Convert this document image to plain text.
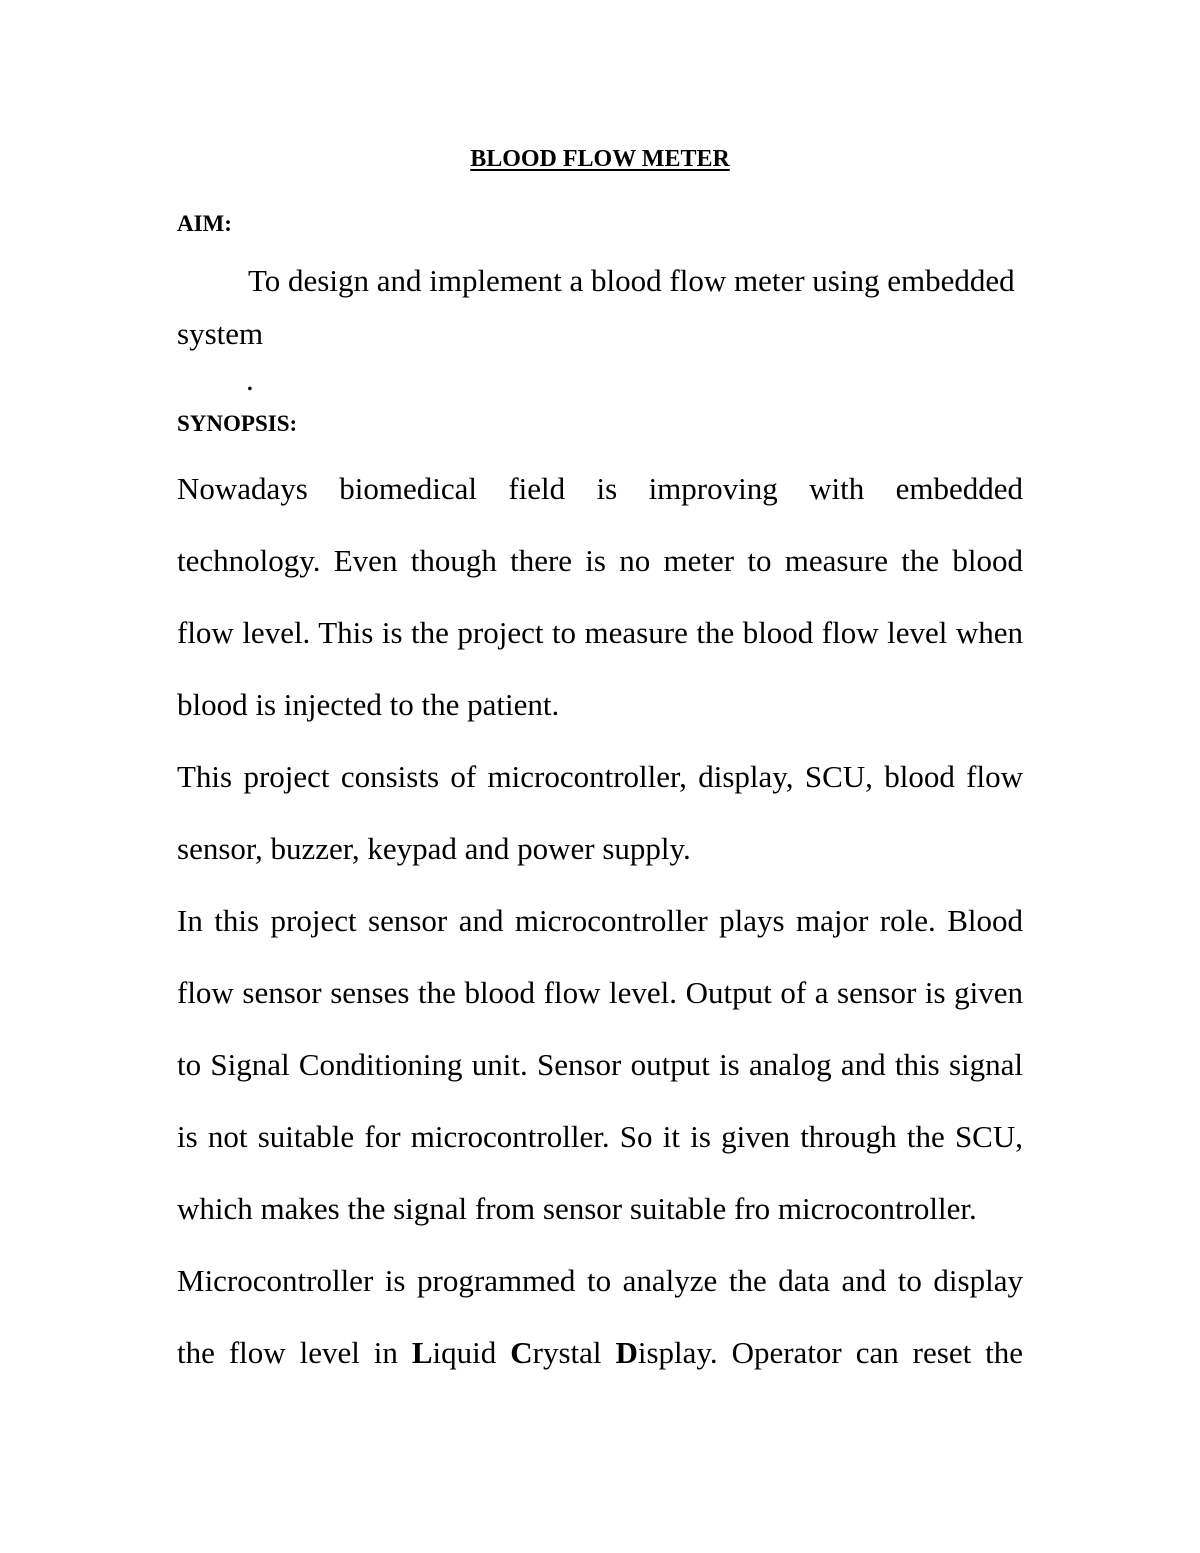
BLOOD FLOW METER
AIM:

To design and implement a blood flow meter using embedded system

.

SYNOPSIS:

Nowadays biomedical field is improving with embedded technology. Even though there is no meter to measure the blood flow level. This is the project to measure the blood flow level when blood is injected to the patient.

This project consists of microcontroller, display, SCU, blood flow sensor, buzzer, keypad and power supply.

In this project sensor and microcontroller plays major role. Blood flow sensor senses the blood flow level. Output of a sensor is given to Signal Conditioning unit. Sensor output is analog and this signal is not suitable for microcontroller. So it is given through the SCU, which makes the signal from sensor suitable fro microcontroller.

Microcontroller is programmed to analyze the data and to display the flow level in Liquid Crystal Display. Operator can reset the
